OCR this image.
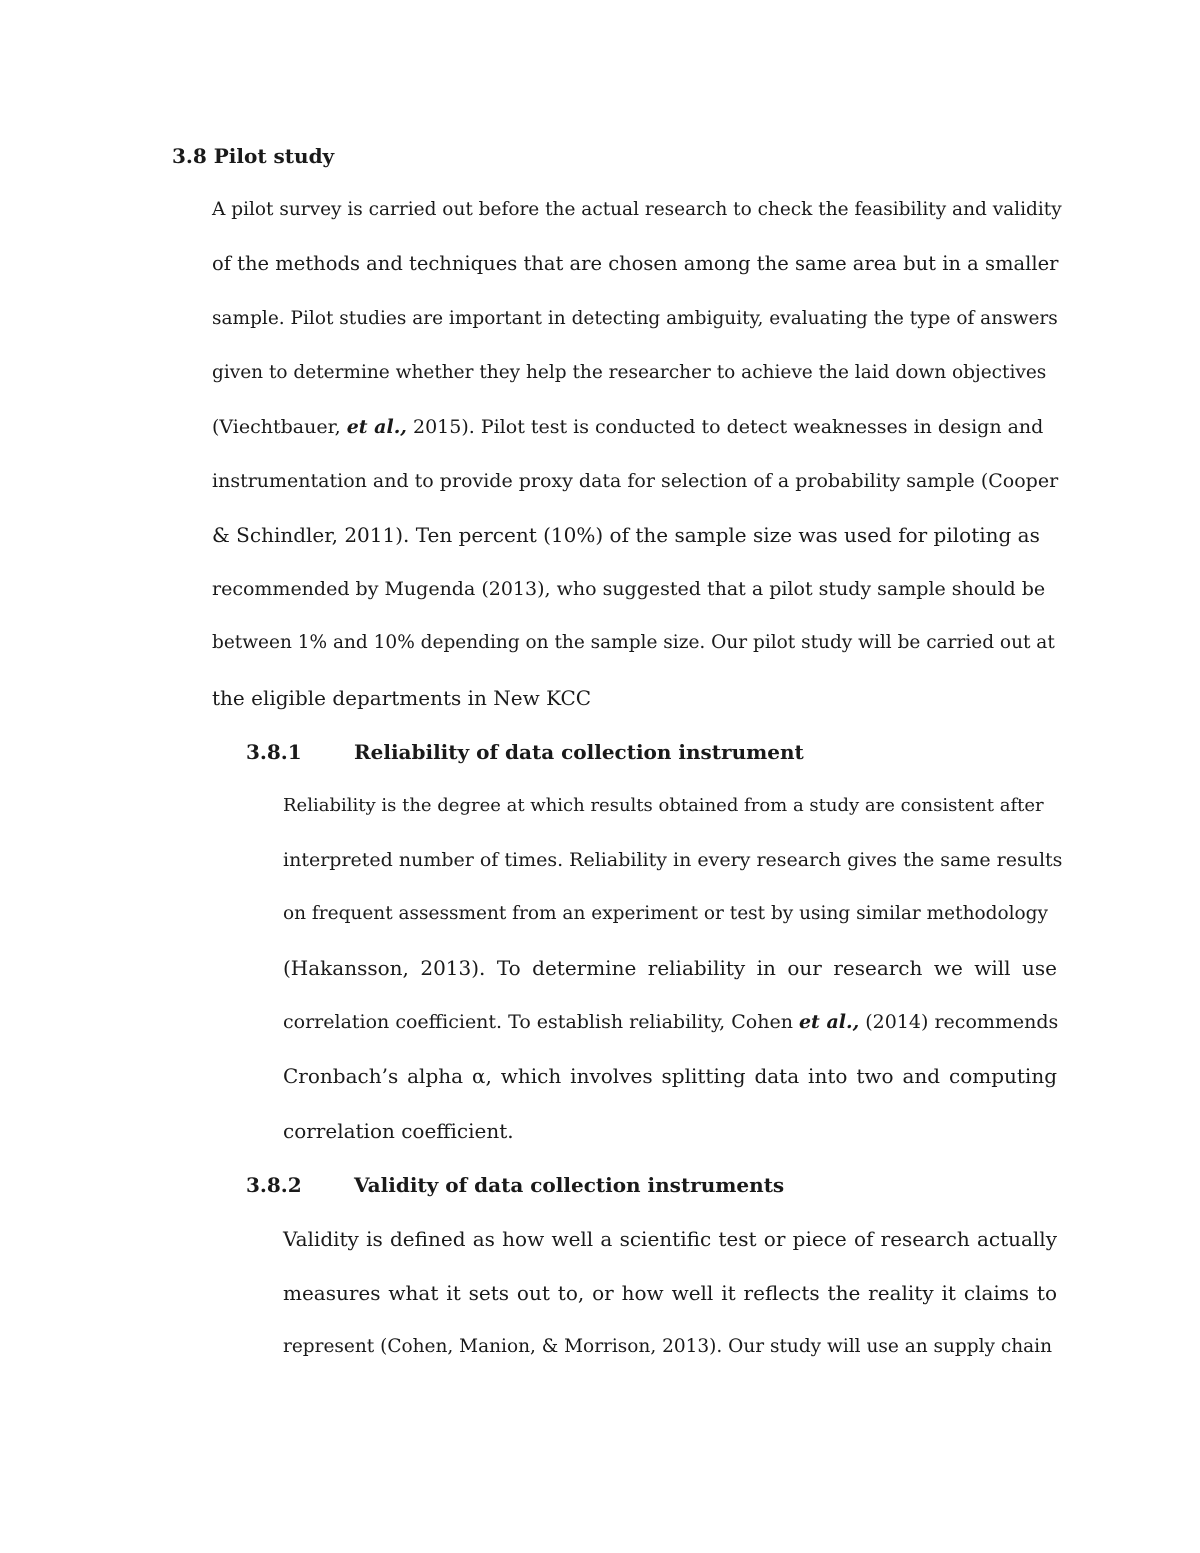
3.8 Pilot study
A pilot survey is carried out before the actual research to check the feasibility and validity
of the methods and techniques that are chosen among the same area but in a smaller
sample. Pilot studies are important in detecting ambiguity, evaluating the type of answers
given to determine whether they help the researcher to achieve the laid down objectives
(Viechtbauer, et al., 2015). Pilot test is conducted to detect weaknesses in design and
instrumentation and to provide proxy data for selection of a probability sample (Cooper
& Schindler, 2011). Ten percent (10%) of the sample size was used for piloting as
recommended by Mugenda (2013), who suggested that a pilot study sample should be
between 1% and 10% depending on the sample size. Our pilot study will be carried out at
the eligible departments in New KCC
3.8.1	Reliability of data collection instrument
Reliability is the degree at which results obtained from a study are consistent after
interpreted number of times. Reliability in every research gives the same results
on frequent assessment from an experiment or test by using similar methodology
(Hakansson, 2013). To determine reliability in our research we will use
correlation coefficient. To establish reliability, Cohen et al., (2014) recommends
Cronbach’s alpha α, which involves splitting data into two and computing
correlation coefficient.
3.8.2	Validity of data collection instruments
Validity is defined as how well a scientific test or piece of research actually
measures what it sets out to, or how well it reflects the reality it claims to
represent (Cohen, Manion, & Morrison, 2013). Our study will use an supply chain
